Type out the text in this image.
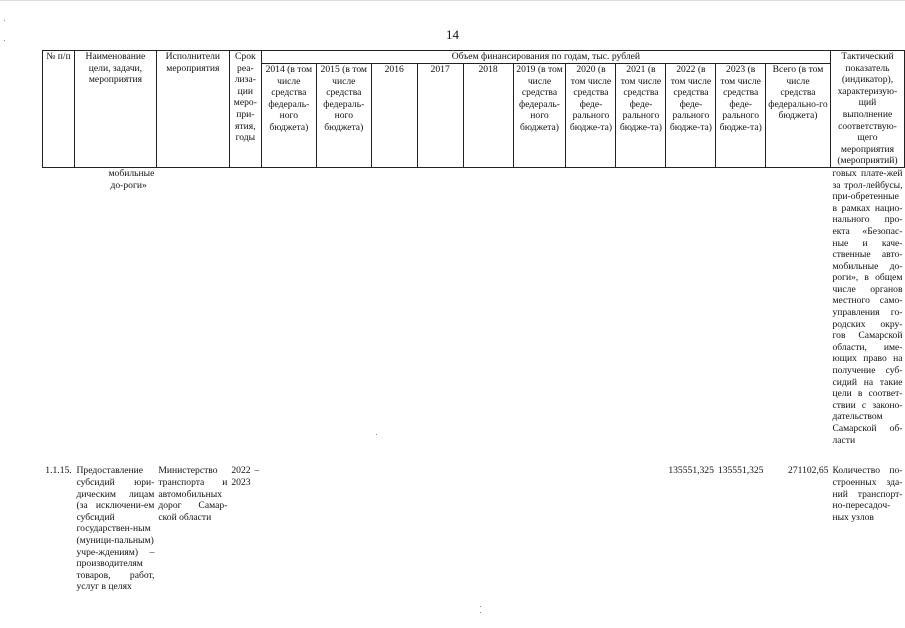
14
№ п/п	Наименование цели, задачи, мероприятия	Исполнители мероприятия	Срок реа-лиза-ции меро-при-ятия, годы	Объем финансирования по годам, тыс. рублей											Тактический показатель (индикатор), характеризую-щий выполнение соответствую-щего мероприятия (мероприятий)
				2014 (в том числе средства федераль-ного бюджета)	2015 (в том числе средства федераль-ного бюджета)	2016	2017	2018	2019 (в том числе средства федераль-ного бюджета)	2020 (в том числе средства феде-рального бюдже-та)	2021 (в том числе средства феде-рального бюдже-та)	2022 (в том числе средства феде-рального бюдже-та)	2023 (в том числе средства феде-рального бюдже-та)	Всего (в том числе средства федерально-го бюджета)	
	мобильные до-роги»														говых плате-жей за трол-лейбусы, при-обретенные в рамках нацио-нального про-екта «Безопас-ные и каче-ственные авто-мобильные до-роги», в общем числе органов местного само-управления го-родских окру-гов Самарской области, име-ющих право на получение суб-сидий на такие цели в соответ-ствии с законо-дательством Самарской об-ласти
1.1.15.	Предоставление субсидий юри-дическим лицам (за исключени-ем субсидий государствен-ным (муници-пальным) учре-ждениям) – производителям товаров, работ, услуг в целях	Министерство транспорта и автомобильных дорог Самар-ской области	2022 – 2023									135551,325	135551,325	271102,65	Количество по-строенных зда-ний транспорт-но-пересадоч-ных узлов
